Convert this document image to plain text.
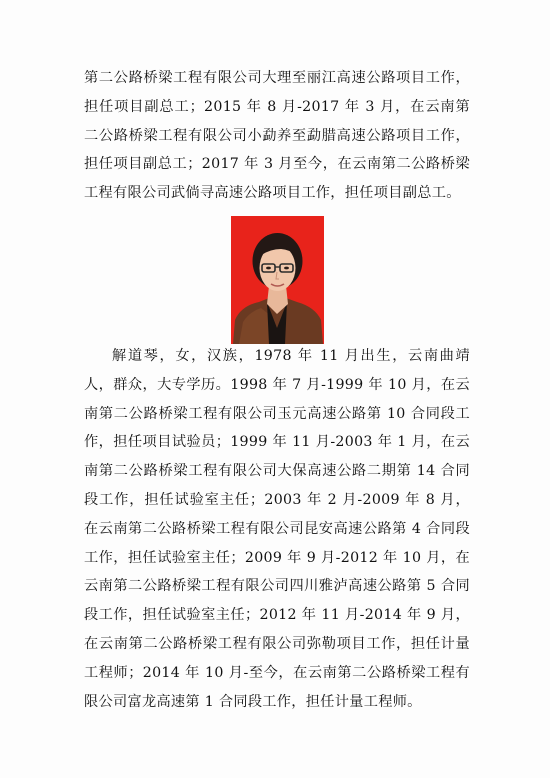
第二公路桥梁工程有限公司大理至丽江高速公路项目工作，担任项目副总工；2015 年 8 月-2017 年 3 月，在云南第二公路桥梁工程有限公司小勐养至勐腊高速公路项目工作，担任项目副总工；2017 年 3 月至今，在云南第二公路桥梁工程有限公司武倘寻高速公路项目工作，担任项目副总工。

解道琴，女，汉族，1978 年 11 月出生，云南曲靖人，群众，大专学历。1998 年 7 月-1999 年 10 月，在云南第二公路桥梁工程有限公司玉元高速公路第 10 合同段工作，担任项目试验员；1999 年 11 月-2003 年 1 月，在云南第二公路桥梁工程有限公司大保高速公路二期第 14 合同段工作，担任试验室主任；2003 年 2 月-2009 年 8 月，在云南第二公路桥梁工程有限公司昆安高速公路第 4 合同段工作，担任试验室主任；2009 年 9 月-2012 年 10 月，在云南第二公路桥梁工程有限公司四川雅泸高速公路第 5 合同段工作，担任试验室主任；2012 年 11 月-2014 年 9 月，在云南第二公路桥梁工程有限公司弥勒项目工作，担任计量工程师；2014 年 10 月-至今，在云南第二公路桥梁工程有限公司富龙高速第 1 合同段工作，担任计量工程师。
